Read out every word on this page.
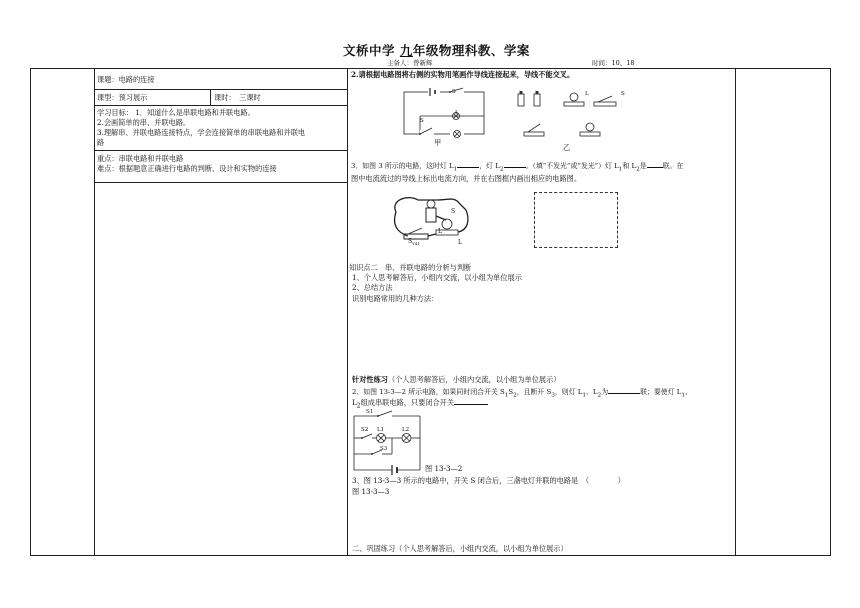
文桥中学 九年级物理科教、学案
主备人：曾新辉	时间：10、18
课题：电路的连接
课型：预习展示	课时：　三课时
学习目标： 1．知道什么是串联电路和并联电路。
2.会画简单的串、并联电路。
3.理解串、并联电路连接特点，学会连接简单的串联电路和并联电
路
重点：串联电路和并联电路
难点：根据题意正确进行电路的判断、设计和实物的连接
2.请根据电路图将右侧的实物用笔画作导线连接起来，导线不能交叉。
甲
S
S
L
L	S
乙
3．如图 3 所示的电路，这时灯 $L_1$	，灯 $L_2$	。（填“不发光”或“发光”）灯 $L_1$和 $L_2$是 联。在
图中电流流过的导线上标出电流方向，并在右图框内画出相应的电路图。
S
L
$S_{Y41}$	L
知识点二　串、并联电路的分析与判断
1、个人思考解答后，小组内交流，以小组为单位展示
2、总结方法
识别电路常用的几种方法：
针对性练习（个人思考解答后，小组内交流，以小组为单位展示）
2、如图 13-3—2 所示电路，如果同时闭合开关 $S_1S_2$，且断开 $S_3$，则灯 $L_1$、$L_2$为	联；要使灯 $L_1$、
$L_2$组成串联电路，只要闭合开关
S1
S2 L1	L2
S3
图 13-3—2
3、图 13-3—3 所示的电路中，开关 S 闭合后，三盏电灯并联的电路是　（　　　　）
图 13-3—3
二、巩固练习（个人思考解答后，小组内交流，以小组为单位展示）
